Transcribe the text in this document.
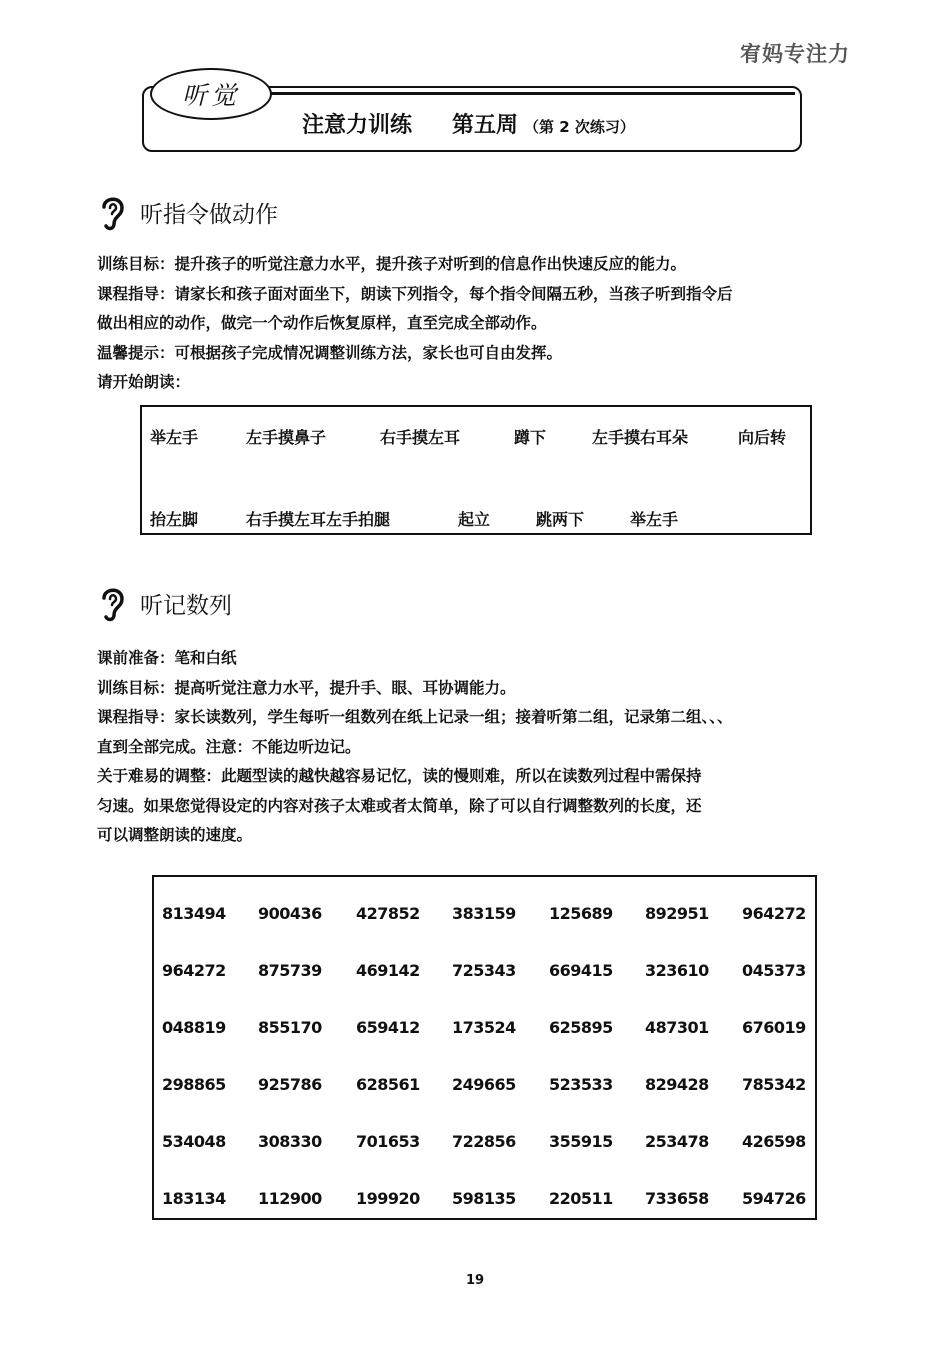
宥妈专注力
听觉
注意力训练 第五周 （第 2 次练习）
听指令做动作

训练目标：提升孩子的听觉注意力水平，提升孩子对听到的信息作出快速反应的能力。

课程指导：请家长和孩子面对面坐下，朗读下列指令，每个指令间隔五秒，当孩子听到指令后

做出相应的动作，做完一个动作后恢复原样，直至完成全部动作。

温馨提示：可根据孩子完成情况调整训练方法，家长也可自由发挥。

请开始朗读：

举左手	左手摸鼻子	右手摸左耳	蹲下	左手摸右耳朵	向后转
抬左脚	右手摸左耳左手拍腿	起立	跳两下	举左手
听记数列

课前准备：笔和白纸

训练目标：提高听觉注意力水平，提升手、眼、耳协调能力。

课程指导：家长读数列，学生每听一组数列在纸上记录一组；接着听第二组，记录第二组、、、

直到全部完成。注意：不能边听边记。

关于难易的调整：此题型读的越快越容易记忆，读的慢则难，所以在读数列过程中需保持

匀速。如果您觉得设定的内容对孩子太难或者太简单，除了可以自行调整数列的长度，还

可以调整朗读的速度。

813494 900436 427852 383159 125689 892951 964272
964272 875739 469142 725343 669415 323610 045373
048819 855170 659412 173524 625895 487301 676019
298865 925786 628561 249665 523533 829428 785342
534048 308330 701653 722856 355915 253478 426598
183134 112900 199920 598135 220511 733658 594726
19
